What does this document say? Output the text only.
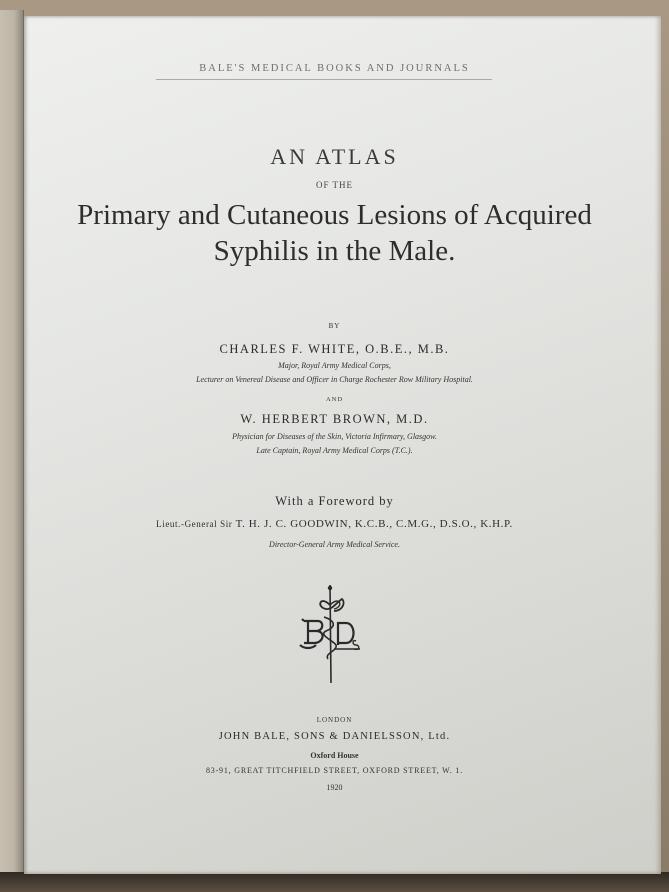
BALE'S MEDICAL BOOKS AND JOURNALS
AN ATLAS
OF THE
Primary and Cutaneous Lesions of Acquired
Syphilis in the Male.
BY
CHARLES F. WHITE, O.B.E., M.B.
Major, Royal Army Medical Corps,
Lecturer on Venereal Disease and Officer in Charge Rochester Row Military Hospital.
AND
W. HERBERT BROWN, M.D.
Physician for Diseases of the Skin, Victoria Infirmary, Glasgow.
Late Captain, Royal Army Medical Corps (T.C.).
With a Foreword by
Lieut.-General Sir T. H. J. C. GOODWIN, K.C.B., C.M.G., D.S.O., K.H.P.
Director-General Army Medical Service.
LONDON
JOHN BALE, SONS & DANIELSSON, Ltd.
Oxford House
83-91, GREAT TITCHFIELD STREET, OXFORD STREET, W. 1.
1920
